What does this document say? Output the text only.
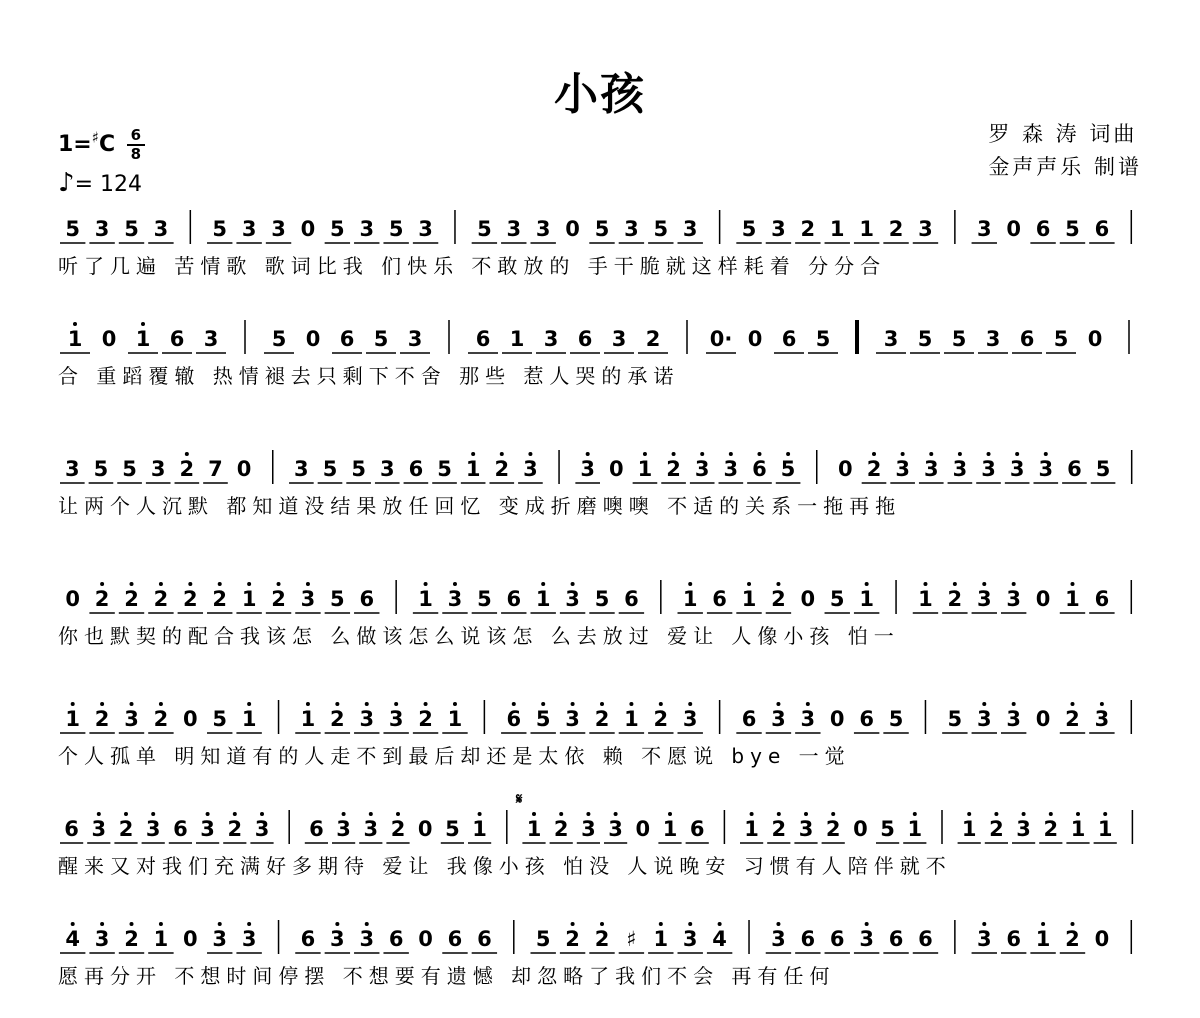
小孩
罗 森 涛 词曲
金声声乐 制谱
$1=^♯C \frac{6}{8}$
♪= 124
𝄋
5 3 5 3 5 3 3 0 5 3 5 3 5 3 3 0 5 3 5 3 5 3 2 1 1 2 3 3 0 6 5 6
听了几遍 苦情歌 歌词比我 们快乐 不敢放的 手干脆就这样耗着 分分合
1 0 1 6 3	5 0 6 5 3	6 1 3 6 3 2 0· 0 6 5	3 5 5 3 6 5 0
合 重蹈覆辙 热情褪去只剩下不舍 那些 惹人哭的承诺
3 5 5 3 2 7 0 3 5 5 3 6 5 1 2 3 3 0 1 2 3 3 6 5 0 2 3 3 3 3 3 3 6 5
让两个人沉默 都知道没结果放任回忆 变成折磨噢噢 不适的关系一拖再拖
0 2 2 2 2 2 1 2 3 5 6 1 3 5 6 1 3 5 6 1 6 1 2 0 5 1 1 2 3 3 0 1 6
你也默契的配合我该怎 么做该怎么说该怎 么去放过 爱让 人像小孩 怕一
1 2 3 2 0 5 1 1 2 3 3 2 1 6 5 3 2 1 2 3 6 3 3 0 6 5 5 3 3 0 2 3
个人孤单 明知道有的人走不到最后却还是太依 赖 不愿说 bye 一觉
6 3 2 3 6 3 2 3 6 3 3 2 0 5 1 1 2 3 3 0 1 6 1 2 3 2 0 5 1 1 2 3 2 1 1
醒来又对我们充满好多期待 爱让 我像小孩 怕没 人说晚安 习惯有人陪伴就不
4 3 2 1 0 3 3 6 3 3 6 0 6 6 5 2 2 ♯ 1 3 4 3 6 6 3 6 6 3 6 1 2 0
愿再分开 不想时间停摆 不想要有遗憾 却忽略了我们不会 再有任何
